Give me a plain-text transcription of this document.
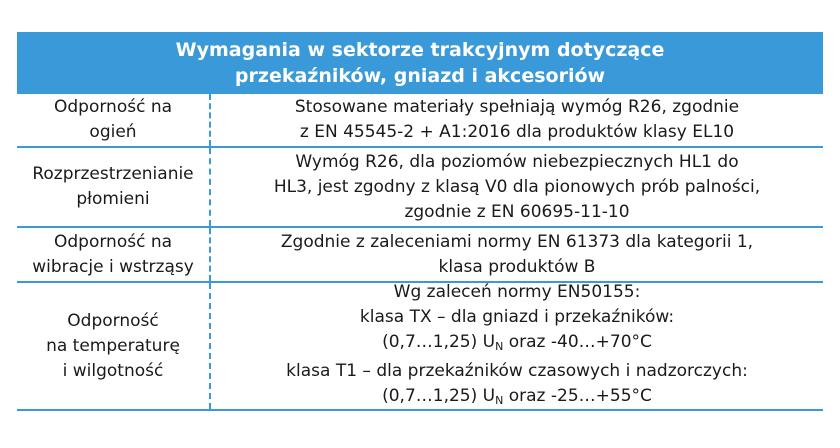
Wymagania w sektorze trakcyjnym dotyczące
przekaźników, gniazd i akcesoriów
Odporność na
ogień
Stosowane materiały spełniają wymóg R26, zgodnie
z EN 45545-2 + A1:2016 dla produktów klasy EL10
Rozprzestrzenianie
płomieni
Wymóg R26, dla poziomów niebezpiecznych HL1 do
HL3, jest zgodny z klasą V0 dla pionowych prób palności,
zgodnie z EN 60695-11-10
Odporność na
wibracje i wstrząsy
Zgodnie z zaleceniami normy EN 61373 dla kategorii 1,
klasa produktów B
Odporność
na temperaturę
i wilgotność
Wg zaleceń normy EN50155:
klasa TX – dla gniazd i przekaźników:
(0,7…1,25) $U_N$ oraz -40…+70°C
klasa T1 – dla przekaźników czasowych i nadzorczych:
(0,7…1,25) $U_N$ oraz -25…+55°C
